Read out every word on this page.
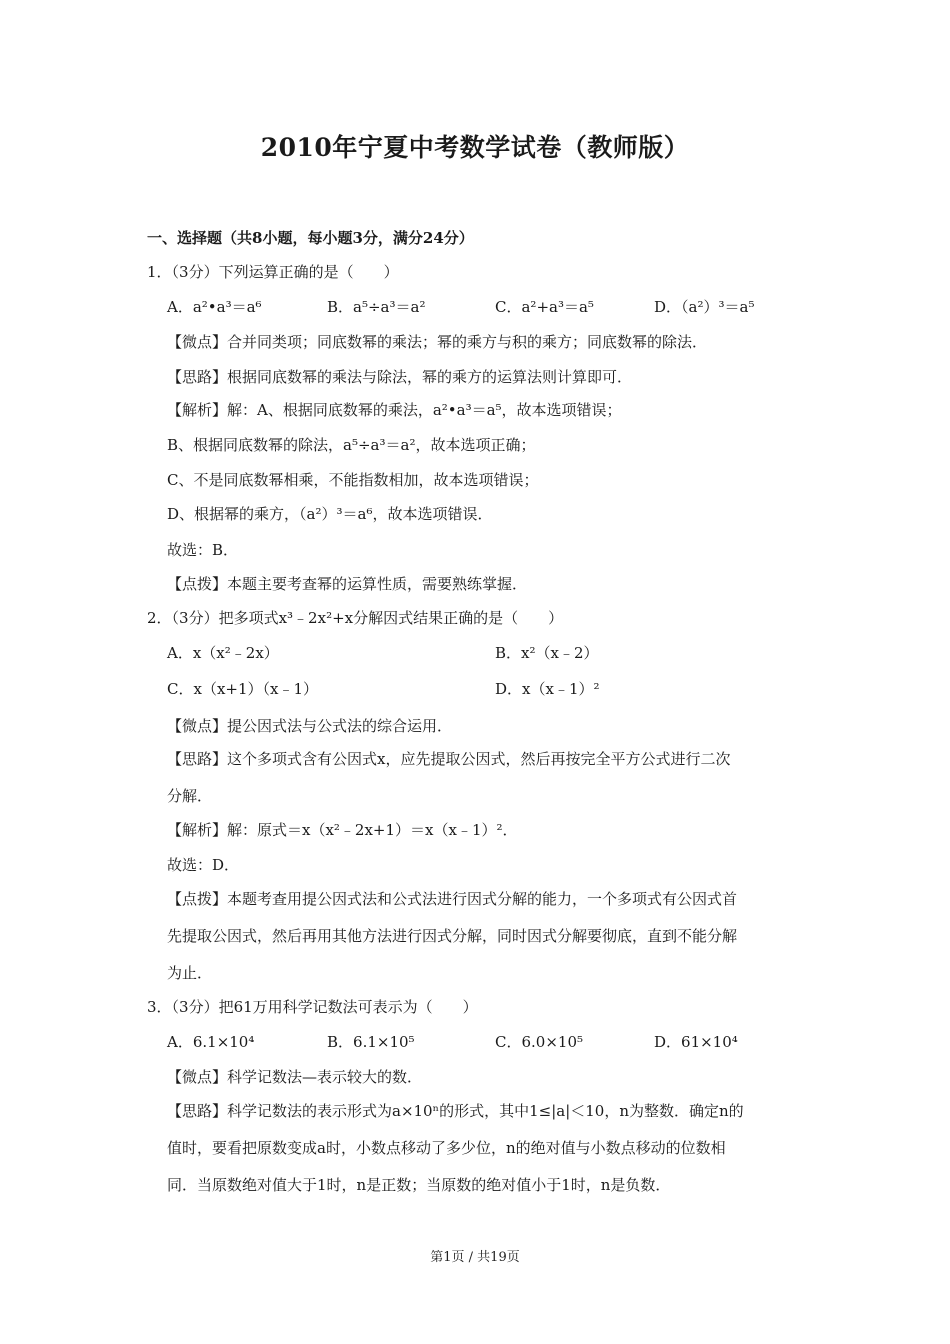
2010年宁夏中考数学试卷（教师版）
一、选择题（共8小题，每小题3分，满分24分）
1．（3分）下列运算正确的是（　　）
A．a²•a³＝a⁶	B．a⁵÷a³＝a²	C．a²+a³＝a⁵	D．（a²）³＝a⁵
【微点】合并同类项；同底数幂的乘法；幂的乘方与积的乘方；同底数幂的除法．
【思路】根据同底数幂的乘法与除法，幂的乘方的运算法则计算即可．
【解析】解：A、根据同底数幂的乘法，a²•a³＝a⁵，故本选项错误；
B、根据同底数幂的除法，a⁵÷a³＝a²，故本选项正确；
C、不是同底数幂相乘，不能指数相加，故本选项错误；
D、根据幂的乘方，（a²）³＝a⁶，故本选项错误．
故选：B．
【点拨】本题主要考查幂的运算性质，需要熟练掌握．
2．（3分）把多项式x³﹣2x²+x分解因式结果正确的是（　　）
A．x（x²﹣2x）	B．x²（x﹣2）
C．x（x+1）（x﹣1）	D．x（x﹣1）²
【微点】提公因式法与公式法的综合运用．
【思路】这个多项式含有公因式x，应先提取公因式，然后再按完全平方公式进行二次
分解．
【解析】解：原式＝x（x²﹣2x+1）＝x（x﹣1）²．
故选：D．
【点拨】本题考查用提公因式法和公式法进行因式分解的能力，一个多项式有公因式首
先提取公因式，然后再用其他方法进行因式分解，同时因式分解要彻底，直到不能分解
为止．
3．（3分）把61万用科学记数法可表示为（　　）
A．6.1×10⁴	B．6.1×10⁵	C．6.0×10⁵	D．61×10⁴
【微点】科学记数法—表示较大的数．
【思路】科学记数法的表示形式为a×10ⁿ的形式，其中1≤|a|＜10，n为整数．确定n的
值时，要看把原数变成a时，小数点移动了多少位，n的绝对值与小数点移动的位数相
同．当原数绝对值大于1时，n是正数；当原数的绝对值小于1时，n是负数．
第1页 / 共19页
